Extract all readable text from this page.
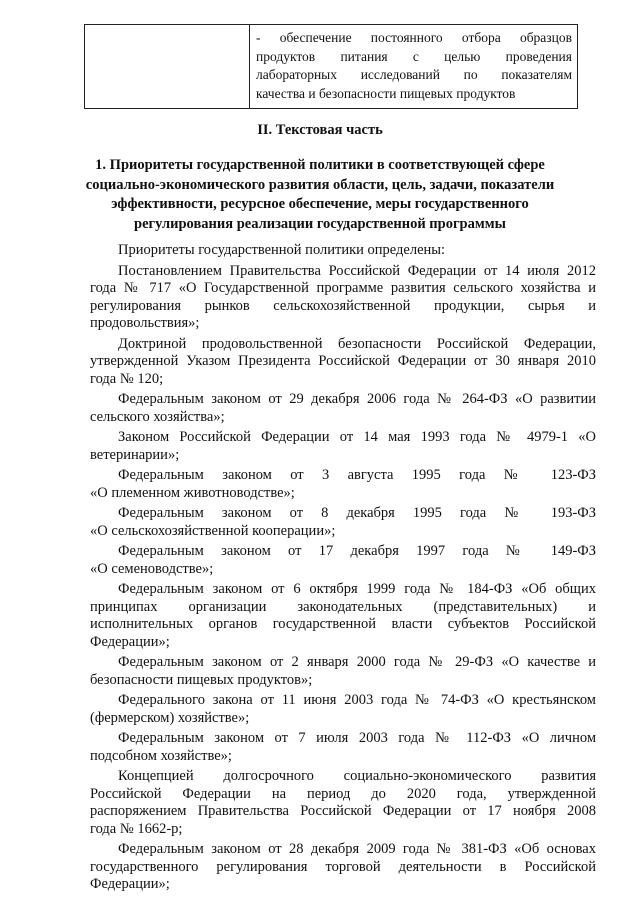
- обеспечение постоянного отбора образцов
продуктов питания с целью проведения
лабораторных исследований по показателям
качества и безопасности пищевых продуктов
II. Текстовая часть
1. Приоритеты государственной политики в соответствующей сфере
социально-экономического развития области, цель, задачи, показатели
эффективности, ресурсное обеспечение, меры государственного
регулирования реализации государственной программы
Приоритеты государственной политики определены:
Постановлением Правительства Российской Федерации от 14 июля 2012
года № 717 «О Государственной программе развития сельского хозяйства и
регулирования рынков сельскохозяйственной продукции, сырья и
продовольствия»;
Доктриной продовольственной безопасности Российской Федерации,
утвержденной Указом Президента Российской Федерации от 30 января 2010
года № 120;
Федеральным законом от 29 декабря 2006 года № 264-ФЗ «О развитии
сельского хозяйства»;
Законом Российской Федерации от 14 мая 1993 года № 4979-1 «О
ветеринарии»;
Федеральным законом от 3 августа 1995 года № 123-ФЗ
«О племенном животноводстве»;
Федеральным законом от 8 декабря 1995 года № 193-ФЗ
«О сельскохозяйственной кооперации»;
Федеральным законом от 17 декабря 1997 года № 149-ФЗ
«О семеноводстве»;
Федеральным законом от 6 октября 1999 года № 184-ФЗ «Об общих
принципах организации законодательных (представительных) и
исполнительных органов государственной власти субъектов Российской
Федерации»;
Федеральным законом от 2 января 2000 года № 29-ФЗ «О качестве и
безопасности пищевых продуктов»;
Федерального закона от 11 июня 2003 года № 74-ФЗ «О крестьянском
(фермерском) хозяйстве»;
Федеральным законом от 7 июля 2003 года № 112-ФЗ «О личном
подсобном хозяйстве»;
Концепцией долгосрочного социально-экономического развития
Российской Федерации на период до 2020 года, утвержденной
распоряжением Правительства Российской Федерации от 17 ноября 2008
года № 1662-р;
Федеральным законом от 28 декабря 2009 года № 381-ФЗ «Об основах
государственного регулирования торговой деятельности в Российской
Федерации»;
